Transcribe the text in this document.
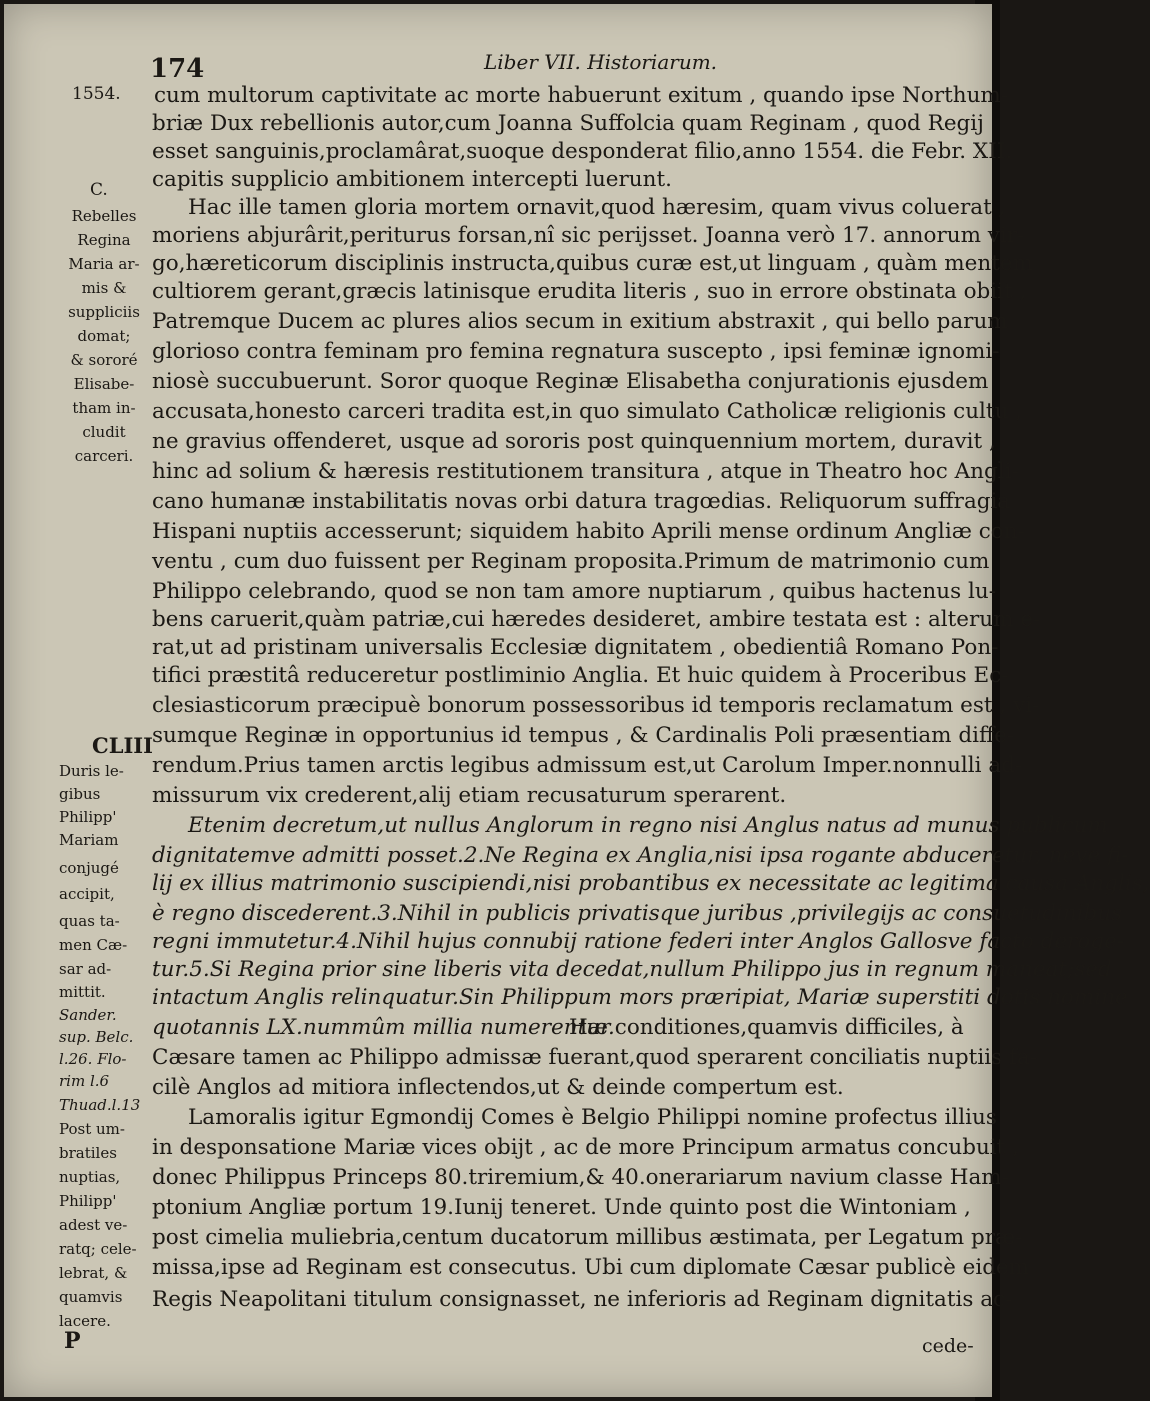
174	Liber VII. Historiarum.
1554.
C.
CLIII
P	cede-
Rebelles
Regina
Maria ar-
mis &
suppliciis
domat;
& sororé
Elisabe-
tham in-
cludit
carceri.
Duris le-
gibus
Philipp'
Mariam
conjugé
accipit,
quas ta-
men Cæ-
sar ad-
mittit.
Sander.
sup. Belc.
l.26. Flo-
rim l.6
Thuad.l.13
Post um-
bratiles
nuptias,
Philipp'
adest ve-
ratq; cele-
lebrat, &
quamvis
lacere.
cum multorum captivitate ac morte habuerunt exitum , quando ipse Northum-
briæ Dux rebellionis autor,cum Joanna Suffolcia quam Reginam , quod Regij
esset sanguinis,proclamârat,suoque desponderat filio,anno 1554. die Febr. XII.
capitis supplicio ambitionem intercepti luerunt.
Hac ille tamen gloria mortem ornavit,quod hæresim, quam vivus coluerat ,
moriens abjurârit,periturus forsan,nî sic perijsset. Joanna verò 17. annorum vir-
go,hæreticorum disciplinis instructa,quibus curæ est,ut linguam , quàm mentem
cultiorem gerant,græcis latinisque erudita literis , suo in errore obstinata obiit ,
Patremque Ducem ac plures alios secum in exitium abstraxit , qui bello parum
glorioso contra feminam pro femina regnatura suscepto , ipsi feminæ ignomi-
niosè succubuerunt. Soror quoque Reginæ Elisabetha conjurationis ejusdem
accusata,honesto carceri tradita est,in quo simulato Catholicæ religionis cultu ,
ne gravius offenderet, usque ad sororis post quinquennium mortem, duravit ,
hinc ad solium & hæresis restitutionem transitura , atque in Theatro hoc Angli-
cano humanæ instabilitatis novas orbi datura tragœdias. Reliquorum suffragia
Hispani nuptiis accesserunt; siquidem habito Aprili mense ordinum Angliæ con-
ventu , cum duo fuissent per Reginam proposita.Primum de matrimonio cum
Philippo celebrando, quod se non tam amore nuptiarum , quibus hactenus lu-
bens caruerit,quàm patriæ,cui hæredes desideret, ambire testata est : alterum e-
rat,ut ad pristinam universalis Ecclesiæ dignitatem , obedientiâ Romano Pon-
tifici præstitâ reduceretur postliminio Anglia. Et huic quidem à Proceribus Ec-
clesiasticorum præcipuè bonorum possessoribus id temporis reclamatum est , vi-
sumque Reginæ in opportunius id tempus , & Cardinalis Poli præsentiam diffe-
rendum.Prius tamen arctis legibus admissum est,ut Carolum Imper.nonnulli ad-
missurum vix crederent,alij etiam recusaturum sperarent.
Etenim decretum,ut nullus Anglorum in regno nisi Anglus natus ad munus publicum
dignitatemve admitti posset.2.Ne Regina ex Anglia,nisi ipsa rogante abduceretur, neve fi-
lij ex illius matrimonio suscipiendi,nisi probantibus ex necessitate ac legitima causa Anglis,
è regno discederent.3.Nihil in publicis privatisque juribus ,privilegijs ac consuetudinibus
regni immutetur.4.Nihil hujus connubij ratione federi inter Anglos Gallosve facto deroge-
tur.5.Si Regina prior sine liberis vita decedat,nullum Philippo jus in regnum maneat;sed
intactum Anglis relinquatur.Sin Philippum mors præripiat, Mariæ superstiti dotis nomine
quotannis LX.nummûm millia numerentur.
Hæ conditiones,quamvis difficiles, à
Cæsare tamen ac Philippo admissæ fuerant,quod sperarent conciliatis nuptiis fa-
cilè Anglos ad mitiora inflectendos,ut & deinde compertum est.
Lamoralis igitur Egmondij Comes è Belgio Philippi nomine profectus illius
in desponsatione Mariæ vices obijt , ac de more Principum armatus concubuit ,
donec Philippus Princeps 80.triremium,& 40.onerariarum navium classe Ham-
ptonium Angliæ portum 19.Iunij teneret. Unde quinto post die Wintoniam ,
post cimelia muliebria,centum ducatorum millibus æstimata, per Legatum præ-
missa,ipse ad Reginam est consecutus. Ubi cum diplomate Cæsar publicè eidem
Regis Neapolitani titulum consignasset, ne inferioris ad Reginam dignitatis ac-
